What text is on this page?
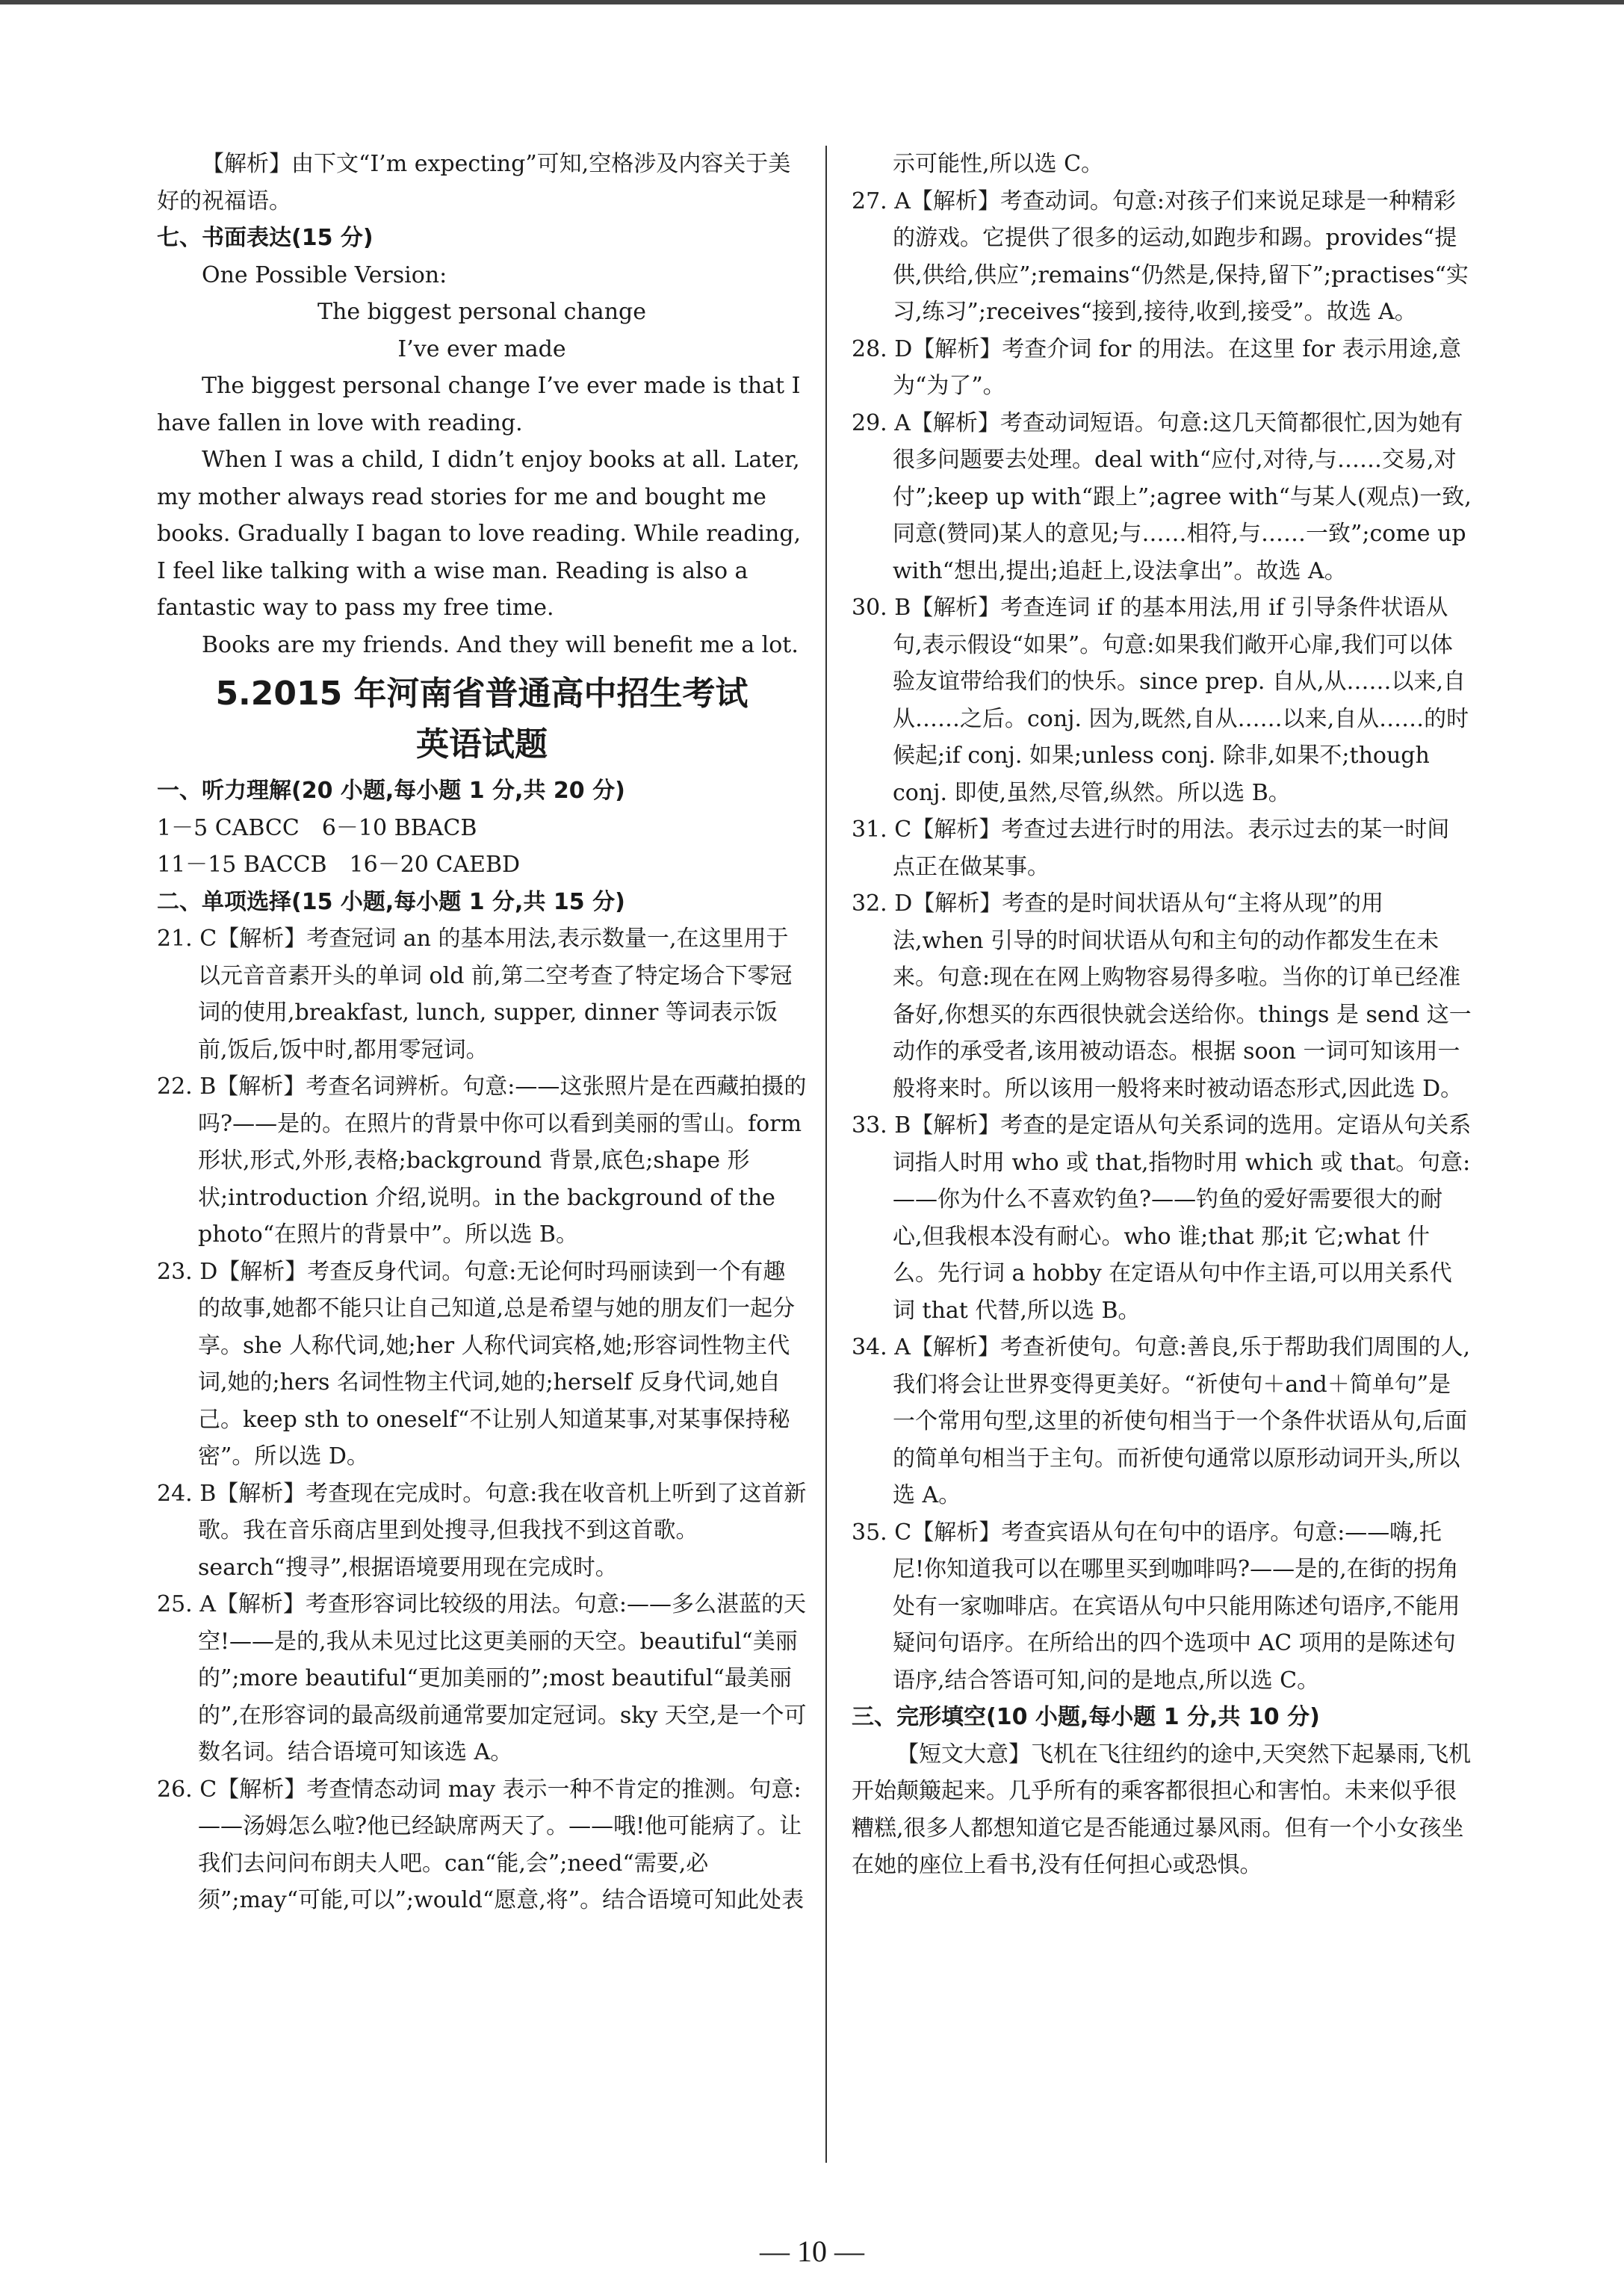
【解析】由下文“I’m expecting”可知,空格涉及内容关于美好的祝福语。

七、书面表达(15 分)

One Possible Version:

The biggest personal change

I’ve ever made

The biggest personal change I’ve ever made is that I have fallen in love with reading.

When I was a child, I didn’t enjoy books at all. Later, my mother always read stories for me and bought me books. Gradually I bagan to love reading. While reading, I feel like talking with a wise man. Reading is also a fantastic way to pass my free time.

Books are my friends. And they will benefit me a lot.

5.2015 年河南省普通高中招生考试
英语试题

一、听力理解(20 小题,每小题 1 分,共 20 分)

1－5 CABCC　6－10 BBACB

11－15 BACCB　16－20 CAEBD

二、单项选择(15 小题,每小题 1 分,共 15 分)

21. C【解析】考查冠词 an 的基本用法,表示数量一,在这里用于以元音音素开头的单词 old 前,第二空考查了特定场合下零冠词的使用,breakfast, lunch, supper, dinner 等词表示饭前,饭后,饭中时,都用零冠词。

22. B【解析】考查名词辨析。句意:——这张照片是在西藏拍摄的吗?——是的。在照片的背景中你可以看到美丽的雪山。form 形状,形式,外形,表格;background 背景,底色;shape 形状;introduction 介绍,说明。in the background of the photo“在照片的背景中”。所以选 B。

23. D【解析】考查反身代词。句意:无论何时玛丽读到一个有趣的故事,她都不能只让自己知道,总是希望与她的朋友们一起分享。she 人称代词,她;her 人称代词宾格,她;形容词性物主代词,她的;hers 名词性物主代词,她的;herself 反身代词,她自己。keep sth to oneself“不让别人知道某事,对某事保持秘密”。所以选 D。

24. B【解析】考查现在完成时。句意:我在收音机上听到了这首新歌。我在音乐商店里到处搜寻,但我找不到这首歌。search“搜寻”,根据语境要用现在完成时。

25. A【解析】考查形容词比较级的用法。句意:——多么湛蓝的天空!——是的,我从未见过比这更美丽的天空。beautiful“美丽的”;more beautiful“更加美丽的”;most beautiful“最美丽的”,在形容词的最高级前通常要加定冠词。sky 天空,是一个可数名词。结合语境可知该选 A。

26. C【解析】考查情态动词 may 表示一种不肯定的推测。句意:——汤姆怎么啦?他已经缺席两天了。——哦!他可能病了。让我们去问问布朗夫人吧。can“能,会”;need“需要,必须”;may“可能,可以”;would“愿意,将”。结合语境可知此处表

示可能性,所以选 C。

27. A【解析】考查动词。句意:对孩子们来说足球是一种精彩的游戏。它提供了很多的运动,如跑步和踢。provides“提供,供给,供应”;remains“仍然是,保持,留下”;practises“实习,练习”;receives“接到,接待,收到,接受”。故选 A。

28. D【解析】考查介词 for 的用法。在这里 for 表示用途,意为“为了”。

29. A【解析】考查动词短语。句意:这几天简都很忙,因为她有很多问题要去处理。deal with“应付,对待,与……交易,对付”;keep up with“跟上”;agree with“与某人(观点)一致,同意(赞同)某人的意见;与……相符,与……一致”;come up with“想出,提出;追赶上,设法拿出”。故选 A。

30. B【解析】考查连词 if 的基本用法,用 if 引导条件状语从句,表示假设“如果”。句意:如果我们敞开心扉,我们可以体验友谊带给我们的快乐。since prep. 自从,从……以来,自从……之后。conj. 因为,既然,自从……以来,自从……的时候起;if conj. 如果;unless conj. 除非,如果不;though conj. 即使,虽然,尽管,纵然。所以选 B。

31. C【解析】考查过去进行时的用法。表示过去的某一时间点正在做某事。

32. D【解析】考查的是时间状语从句“主将从现”的用法,when 引导的时间状语从句和主句的动作都发生在未来。句意:现在在网上购物容易得多啦。当你的订单已经准备好,你想买的东西很快就会送给你。things 是 send 这一动作的承受者,该用被动语态。根据 soon 一词可知该用一般将来时。所以该用一般将来时被动语态形式,因此选 D。

33. B【解析】考查的是定语从句关系词的选用。定语从句关系词指人时用 who 或 that,指物时用 which 或 that。句意:——你为什么不喜欢钓鱼?——钓鱼的爱好需要很大的耐心,但我根本没有耐心。who 谁;that 那;it 它;what 什么。先行词 a hobby 在定语从句中作主语,可以用关系代词 that 代替,所以选 B。

34. A【解析】考查祈使句。句意:善良,乐于帮助我们周围的人,我们将会让世界变得更美好。“祈使句＋and＋简单句”是一个常用句型,这里的祈使句相当于一个条件状语从句,后面的简单句相当于主句。而祈使句通常以原形动词开头,所以选 A。

35. C【解析】考查宾语从句在句中的语序。句意:——嗨,托尼!你知道我可以在哪里买到咖啡吗?——是的,在街的拐角处有一家咖啡店。在宾语从句中只能用陈述句语序,不能用疑问句语序。在所给出的四个选项中 AC 项用的是陈述句语序,结合答语可知,问的是地点,所以选 C。

三、完形填空(10 小题,每小题 1 分,共 10 分)

【短文大意】飞机在飞往纽约的途中,天突然下起暴雨,飞机开始颠簸起来。几乎所有的乘客都很担心和害怕。未来似乎很糟糕,很多人都想知道它是否能通过暴风雨。但有一个小女孩坐在她的座位上看书,没有任何担心或恐惧。

— 10 —
